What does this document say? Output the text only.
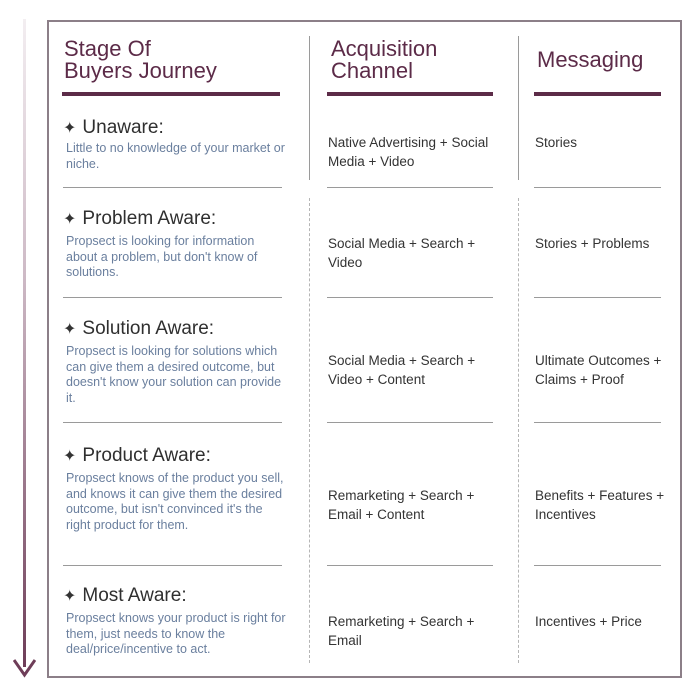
Stage Of
Buyers Journey
Acquisition
Channel	Messaging
✦ Unaware:
Little to no knowledge of your market or niche.
Native Advertising + Social Media + Video
Stories
✦ Problem Aware:
Propsect is looking for information about a problem, but don't know of solutions.
Social Media + Search + Video
Stories + Problems
✦ Solution Aware:
Propsect is looking for solutions which can give them a desired outcome, but doesn't know your solution can provide it.
Social Media + Search + Video + Content
Ultimate Outcomes + Claims + Proof
✦ Product Aware:
Propsect knows of the product you sell, and knows it can give them the desired outcome, but isn't convinced it's the right product for them.
Remarketing + Search + Email + Content
Benefits + Features + Incentives
✦ Most Aware:
Propsect knows your product is right for them, just needs to know the deal/price/incentive to act.
Remarketing + Search + Email
Incentives + Price
